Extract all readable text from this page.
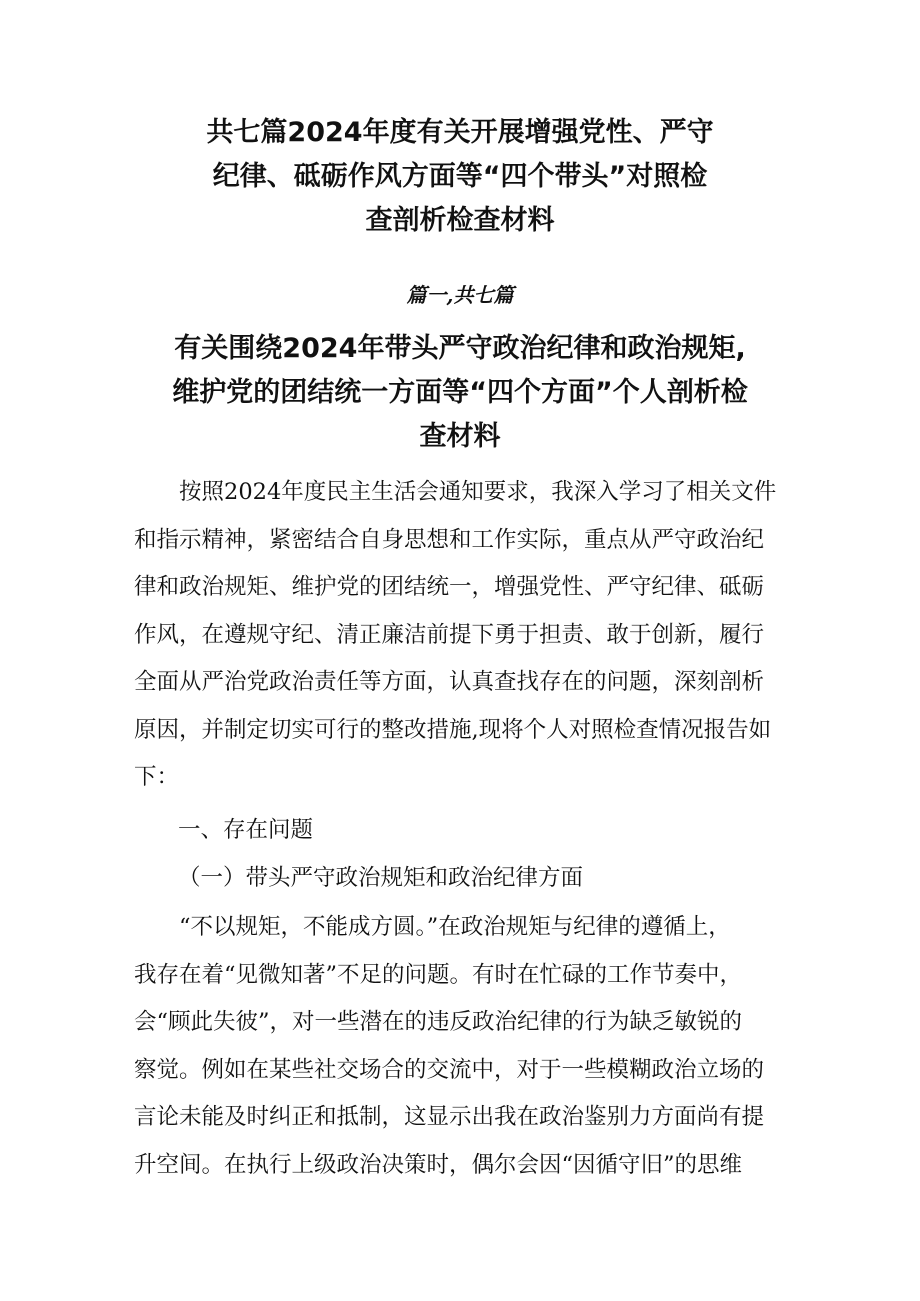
共七篇2024年度有关开展增强党性、严守
纪律、砥砺作风方面等“四个带头”对照检
查剖析检查材料
篇一,共七篇
有关围绕2024年带头严守政治纪律和政治规矩,
维护党的团结统一方面等“四个方面”个人剖析检
查材料
　　按照2024年度民主生活会通知要求，我深入学习了相关文件
和指示精神，紧密结合自身思想和工作实际，重点从严守政治纪
律和政治规矩、维护党的团结统一，增强党性、严守纪律、砥砺
作风，在遵规守纪、清正廉洁前提下勇于担责、敢于创新，履行
全面从严治党政治责任等方面，认真查找存在的问题，深刻剖析
原因，并制定切实可行的整改措施,现将个人对照检查情况报告如
下：
一、存在问题
（一）带头严守政治规矩和政治纪律方面
　　“不以规矩，不能成方圆。”在政治规矩与纪律的遵循上，
我存在着“见微知著”不足的问题。有时在忙碌的工作节奏中，
会“顾此失彼”，对一些潜在的违反政治纪律的行为缺乏敏锐的
察觉。例如在某些社交场合的交流中，对于一些模糊政治立场的
言论未能及时纠正和抵制，这显示出我在政治鉴别力方面尚有提
升空间。在执行上级政治决策时，偶尔会因“因循守旧”的思维
